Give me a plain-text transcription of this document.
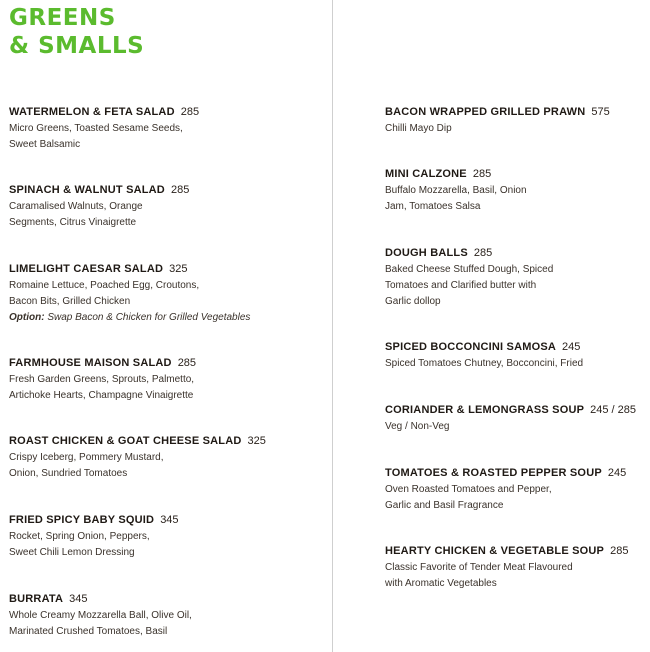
GREENS
& SMALLS
WATERMELON & FETA SALAD 285
Micro Greens, Toasted Sesame Seeds,
Sweet Balsamic
SPINACH & WALNUT SALAD 285
Caramalised Walnuts, Orange
Segments, Citrus Vinaigrette
LIMELIGHT CAESAR SALAD 325
Romaine Lettuce, Poached Egg, Croutons,
Bacon Bits, Grilled Chicken
Option: Swap Bacon & Chicken for Grilled Vegetables
FARMHOUSE MAISON SALAD 285
Fresh Garden Greens, Sprouts, Palmetto,
Artichoke Hearts, Champagne Vinaigrette
ROAST CHICKEN & GOAT CHEESE SALAD 325
Crispy Iceberg, Pommery Mustard,
Onion, Sundried Tomatoes
FRIED SPICY BABY SQUID 345
Rocket, Spring Onion, Peppers,
Sweet Chili Lemon Dressing
BURRATA 345
Whole Creamy Mozzarella Ball, Olive Oil,
Marinated Crushed Tomatoes, Basil
BACON WRAPPED GRILLED PRAWN 575
Chilli Mayo Dip
MINI CALZONE 285
Buffalo Mozzarella, Basil, Onion
Jam, Tomatoes Salsa
DOUGH BALLS 285
Baked Cheese Stuffed Dough, Spiced
Tomatoes and Clarified butter with
Garlic dollop
SPICED BOCCONCINI SAMOSA 245
Spiced Tomatoes Chutney, Bocconcini, Fried
CORIANDER & LEMONGRASS SOUP 245 / 285
Veg / Non-Veg
TOMATOES & ROASTED PEPPER SOUP 245
Oven Roasted Tomatoes and Pepper,
Garlic and Basil Fragrance
HEARTY CHICKEN & VEGETABLE SOUP 285
Classic Favorite of Tender Meat Flavoured
with Aromatic Vegetables
